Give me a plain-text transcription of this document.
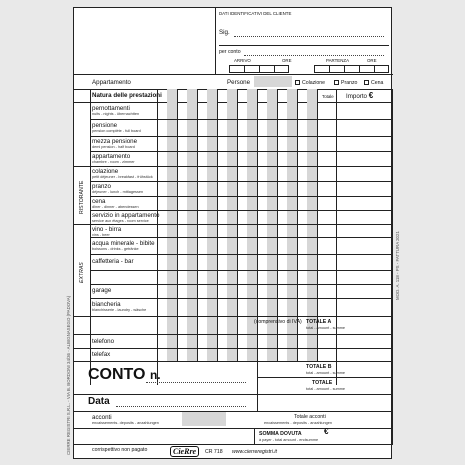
DATI IDENTIFICATIVI DEL CLIENTE
Sig.
per conto
ARRIVO	ORE	PARTENZA	ORE
Appartamento	Persone	Colazione	Pranzo	Cena
Natura delle prestazioni	Totale Importo €
pernottamenti
nuits - nights - übernachtten
pensione
pension complète - full board
mezza pensione
demi pension - half board
appartamento
chambre - room - zimmer
colazione
petit déjeuner - breakfast - frühstück
pranzo
déjeuner - lunch - mittagessen
cena
dîner - dinner - abendessen
servizio in appartamento
service aux étages - room service
vino - birra
vins - beer
acqua minerale - bibite
boissons - drinks - getränke
caffetteria - bar
garage
biancheria
blanchisserie - laundry - wäsche
RISTORANTE
EXTRAS
(comprensivo di IVA) TOTALE A
total - amount - summe
telefono
telefax
TOTALE B
total - amount - summe
CONTO n.
TOTALE
total - amount - summe
Data
acconti
encaissements- deposits - anzahlungen
Totale acconti
encaissements - deposits - anzahlungen
SOMMA DOVUTA	€
à payer - total amount - endsumme
corrispettivo non pagato	CieRre	CR 718 www.cierreregistri.it
CIERRE REGISTRI S.R.L. - VIA B. BORDONI 34/36 - ALBIGNASEGO (PADOVA)
MOD. A. 118 - PS - FATTURA 2021
